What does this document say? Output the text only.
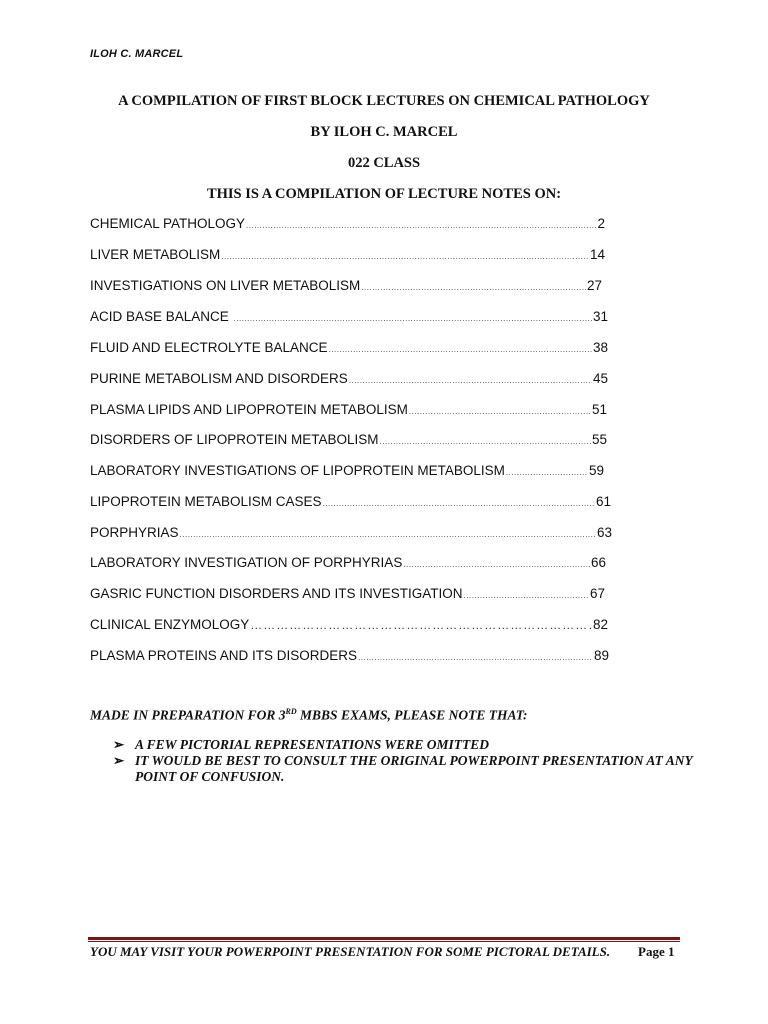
ILOH C. MARCEL
A COMPILATION OF FIRST BLOCK LECTURES ON CHEMICAL PATHOLOGY
BY ILOH C. MARCEL
022 CLASS
THIS IS A COMPILATION OF LECTURE NOTES ON:
CHEMICAL PATHOLOGY .....	2
LIVER METABOLISM .....	14
INVESTIGATIONS ON LIVER METABOLISM .....	27
ACID BASE BALANCE .....	31
FLUID AND ELECTROLYTE BALANCE .....	38
PURINE METABOLISM AND DISORDERS .....	45
PLASMA LIPIDS AND LIPOPROTEIN METABOLISM .....	51
DISORDERS OF LIPOPROTEIN METABOLISM .....	55
LABORATORY INVESTIGATIONS OF LIPOPROTEIN METABOLISM .....	59
LIPOPROTEIN METABOLISM CASES .....	61
PORPHYRIAS .....	63
LABORATORY INVESTIGATION OF PORPHYRIAS .....	66
GASRIC FUNCTION DISORDERS AND ITS INVESTIGATION .....	67
CLINICAL ENZYMOLOGY ………………………………………………………………………………………………………………………	82
PLASMA PROTEINS AND ITS DISORDERS .....	89
MADE IN PREPARATION FOR 3RD MBBS EXAMS, PLEASE NOTE THAT:
➢ A FEW PICTORIAL REPRESENTATIONS WERE OMITTED
➢ IT WOULD BE BEST TO CONSULT THE ORIGINAL POWERPOINT PRESENTATION AT ANY POINT OF CONFUSION.
YOU MAY VISIT YOUR POWERPOINT PRESENTATION FOR SOME PICTORAL DETAILS. Page 1
